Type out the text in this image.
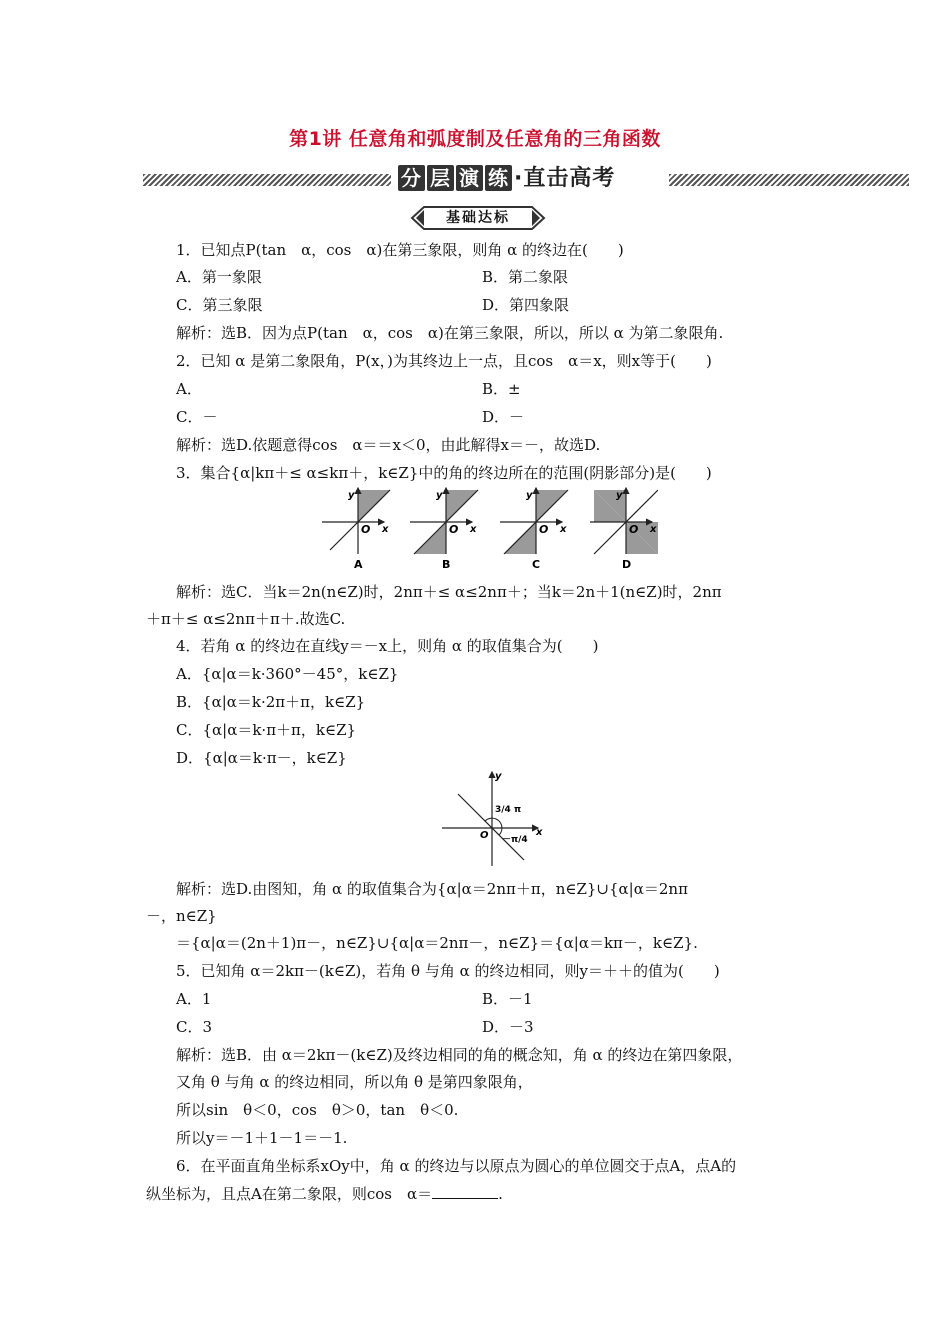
第1讲 任意角和弧度制及任意角的三角函数
分 层 演 练 ·直击高考
基础达标
1．已知点P(tan　α，cos　α)在第三象限，则角 α 的终边在(　　)
A．第一象限	B．第二象限
C．第三象限	D．第四象限
解析：选B．因为点P(tan　α，cos　α)在第三象限，所以，所以 α 为第二象限角.
2．已知 α 是第二象限角，P(x，)为其终边上一点，且cos　α＝x，则x等于(　　)
A．	B．±
C．－	D．－
解析：选D.依题意得cos　α＝＝x＜0，由此解得x＝－，故选D.
3．集合{α|kπ＋≤ α≤kπ＋，k∈Z}中的角的终边所在的范围(阴影部分)是(　　)
y
x
O
A
y
x
O
B
y
x
O
C
y
x
O
D
解析：选C．当k＝2n(n∈Z)时，2nπ＋≤ α≤2nπ＋；当k＝2n＋1(n∈Z)时，2nπ
＋π＋≤ α≤2nπ＋π＋.故选C.
4．若角 α 的终边在直线y＝－x上，则角 α 的取值集合为(　　)
A．{α|α＝k·360°－45°，k∈Z}
B．{α|α＝k·2π＋π，k∈Z}
C．{α|α＝k·π＋π，k∈Z}
D．{α|α＝k·π－，k∈Z}
y
x
O
3/4 π
－π/4
解析：选D.由图知，角 α 的取值集合为{α|α＝2nπ＋π，n∈Z}∪{α|α＝2nπ
－，n∈Z}
＝{α|α＝(2n＋1)π－，n∈Z}∪{α|α＝2nπ－，n∈Z}＝{α|α＝kπ－，k∈Z}.
5．已知角 α＝2kπ－(k∈Z)，若角 θ 与角 α 的终边相同，则y＝＋＋的值为(　　)
A．1	B．－1
C．3	D．－3
解析：选B．由 α＝2kπ－(k∈Z)及终边相同的角的概念知，角 α 的终边在第四象限，
又角 θ 与角 α 的终边相同，所以角 θ 是第四象限角，
所以sin　θ＜0，cos　θ＞0，tan　θ＜0.
所以y＝－1＋1－1＝－1.
6．在平面直角坐标系xOy中，角 α 的终边与以原点为圆心的单位圆交于点A，点A的
纵坐标为，且点A在第二象限，则cos　α＝	.
